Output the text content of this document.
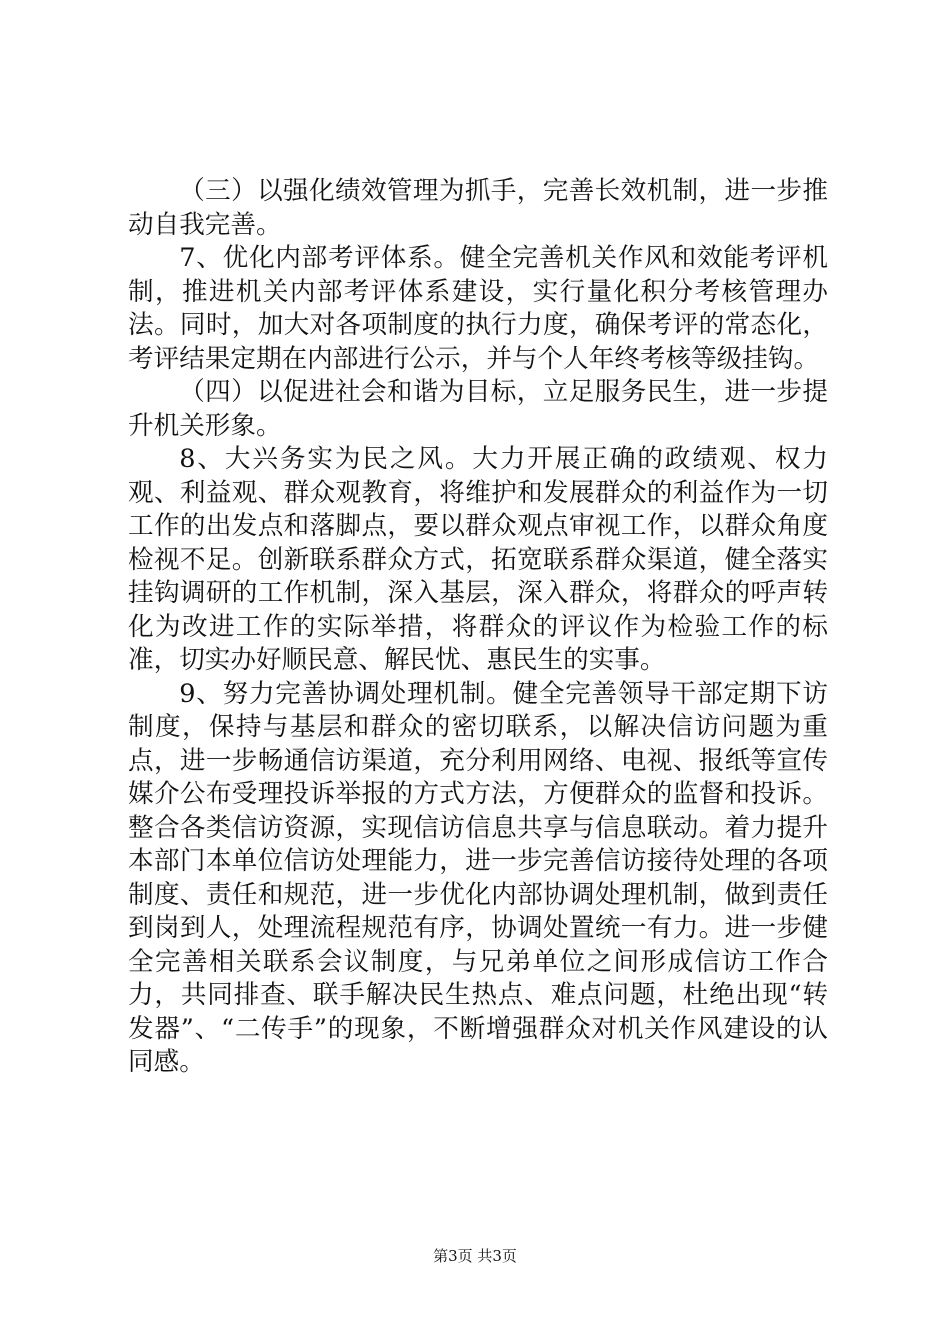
（三）以强化绩效管理为抓手，完善长效机制，进一步推动自我完善。

7、优化内部考评体系。健全完善机关作风和效能考评机制，推进机关内部考评体系建设，实行量化积分考核管理办法。同时，加大对各项制度的执行力度，确保考评的常态化，考评结果定期在内部进行公示，并与个人年终考核等级挂钩。

（四）以促进社会和谐为目标，立足服务民生，进一步提升机关形象。

8、大兴务实为民之风。大力开展正确的政绩观、权力观、利益观、群众观教育，将维护和发展群众的利益作为一切工作的出发点和落脚点，要以群众观点审视工作，以群众角度检视不足。创新联系群众方式，拓宽联系群众渠道，健全落实挂钩调研的工作机制，深入基层，深入群众，将群众的呼声转化为改进工作的实际举措，将群众的评议作为检验工作的标准，切实办好顺民意、解民忧、惠民生的实事。

9、努力完善协调处理机制。健全完善领导干部定期下访制度，保持与基层和群众的密切联系，以解决信访问题为重点，进一步畅通信访渠道，充分利用网络、电视、报纸等宣传媒介公布受理投诉举报的方式方法，方便群众的监督和投诉。整合各类信访资源，实现信访信息共享与信息联动。着力提升本部门本单位信访处理能力，进一步完善信访接待处理的各项制度、责任和规范，进一步优化内部协调处理机制，做到责任到岗到人，处理流程规范有序，协调处置统一有力。进一步健全完善相关联系会议制度，与兄弟单位之间形成信访工作合力，共同排查、联手解决民生热点、难点问题，杜绝出现“转发器”、“二传手”的现象，不断增强群众对机关作风建设的认同感。

第3页 共3页
